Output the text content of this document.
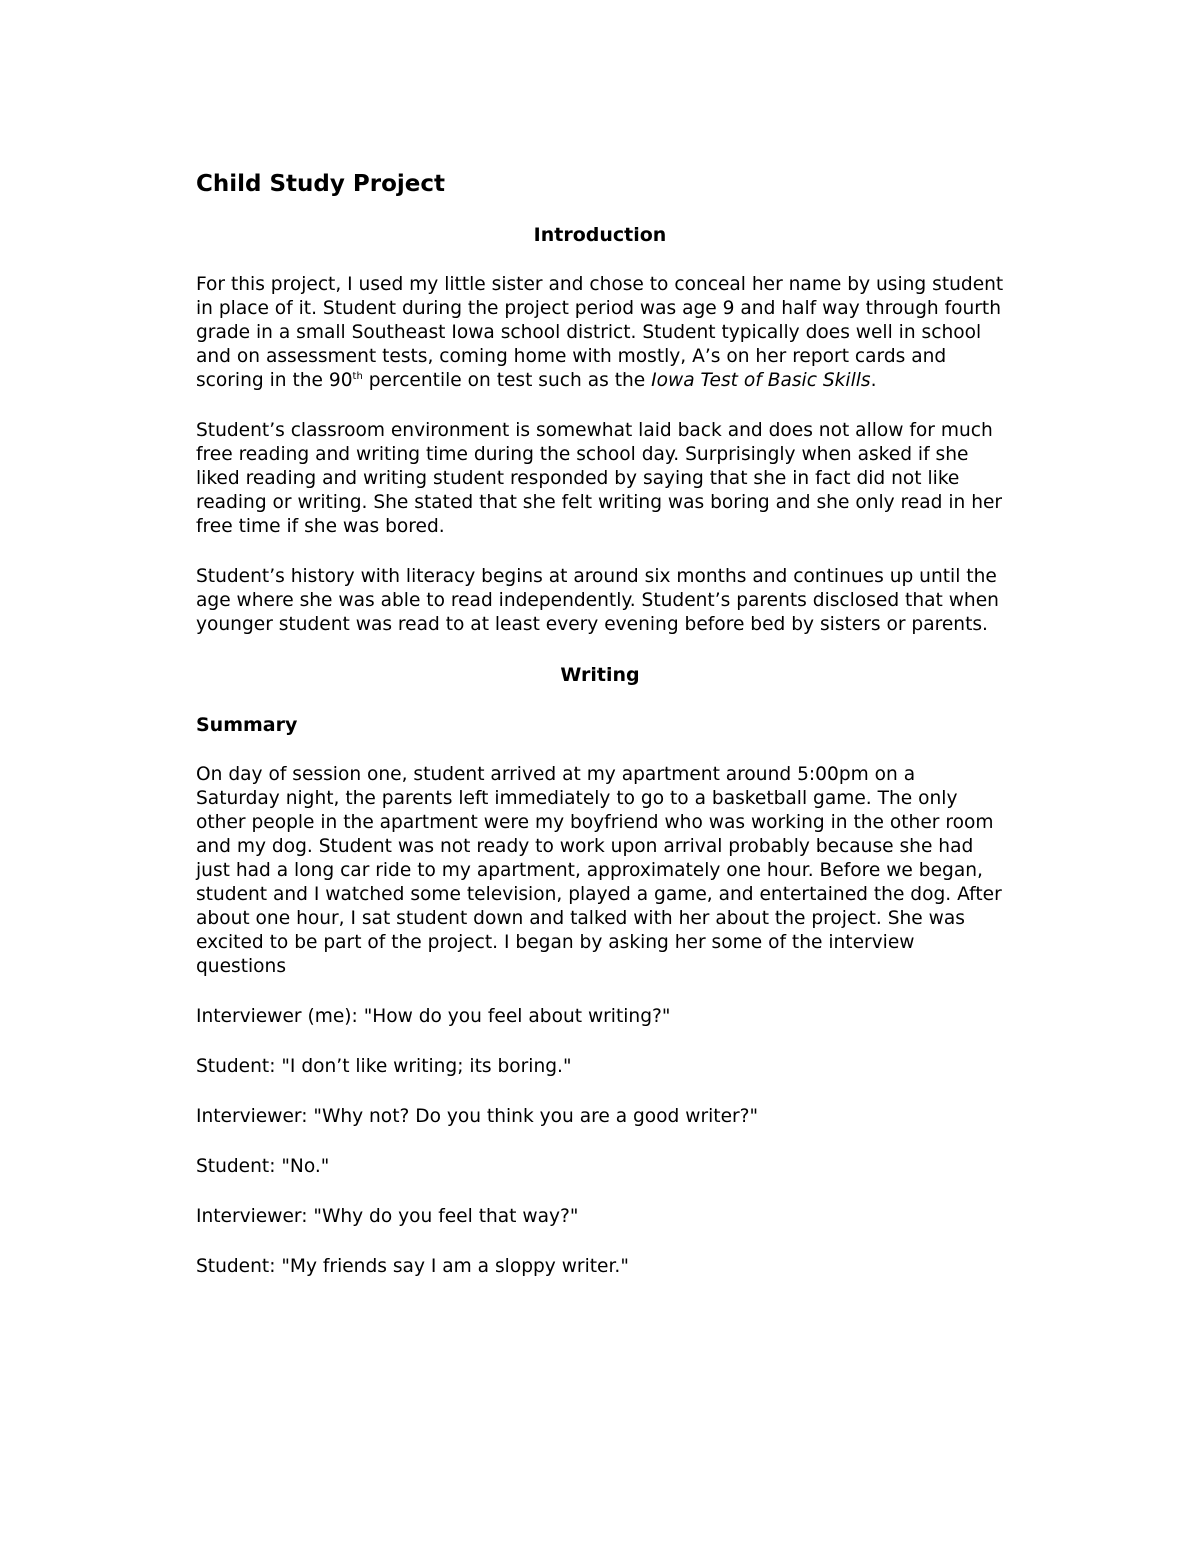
Child Study Project
Introduction

For this project, I used my little sister and chose to conceal her name by using student in place of it. Student during the project period was age 9 and half way through fourth grade in a small Southeast Iowa school district. Student typically does well in school and on assessment tests, coming home with mostly, A’s on her report cards and scoring in the 90th percentile on test such as the Iowa Test of Basic Skills.

Student’s classroom environment is somewhat laid back and does not allow for much free reading and writing time during the school day. Surprisingly when asked if she liked reading and writing student responded by saying that she in fact did not like reading or writing. She stated that she felt writing was boring and she only read in her free time if she was bored.

Student’s history with literacy begins at around six months and continues up until the age where she was able to read independently. Student’s parents disclosed that when younger student was read to at least every evening before bed by sisters or parents.

Writing
Summary

On day of session one, student arrived at my apartment around 5:00pm on a Saturday night, the parents left immediately to go to a basketball game. The only other people in the apartment were my boyfriend who was working in the other room and my dog. Student was not ready to work upon arrival probably because she had just had a long car ride to my apartment, approximately one hour. Before we began, student and I watched some television, played a game, and entertained the dog. After about one hour, I sat student down and talked with her about the project. She was excited to be part of the project. I began by asking her some of the interview questions

Interviewer (me): "How do you feel about writing?"

Student: "I don’t like writing; its boring."

Interviewer: "Why not? Do you think you are a good writer?"

Student: "No."

Interviewer: "Why do you feel that way?"

Student: "My friends say I am a sloppy writer."
